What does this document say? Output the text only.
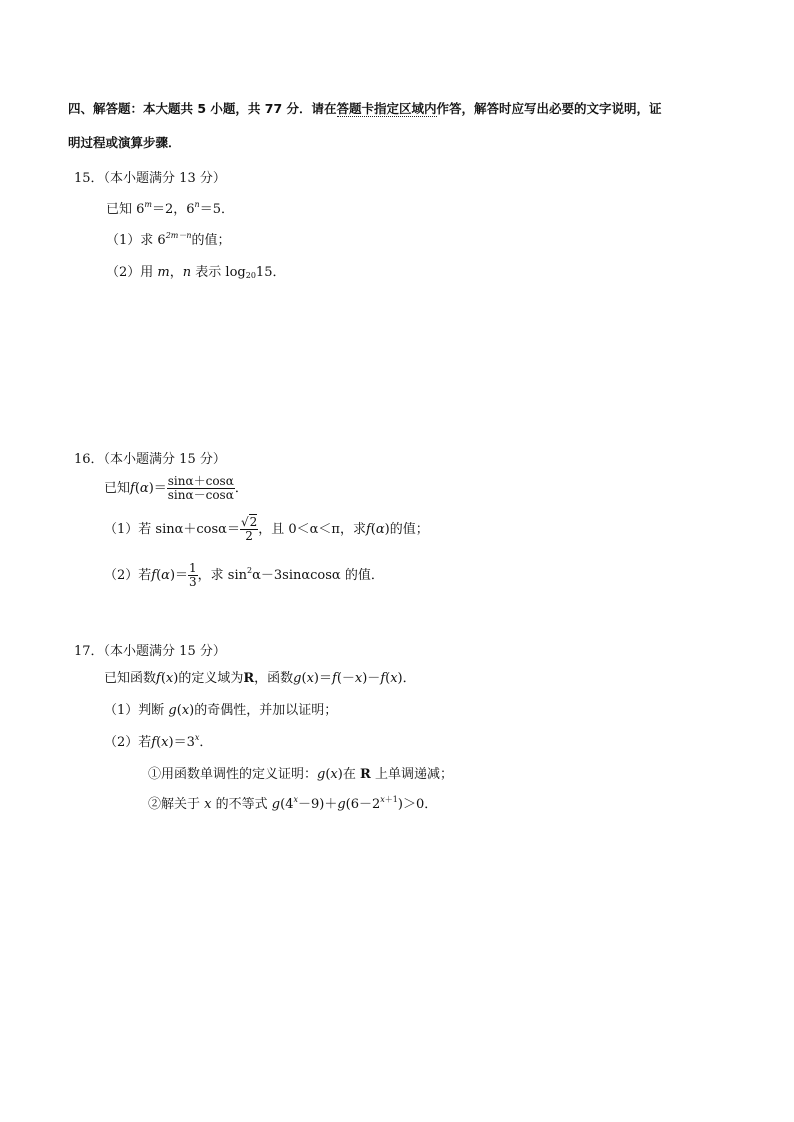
四、解答题：本大题共 5 小题，共 77 分．请在答题卡指定区域内作答，解答时应写出必要的文字说明，证
明过程或演算步骤．
15．（本小题满分 13 分）
已知 $6^m=2$，$6^n=5$．
（1）求 $6^{2m-n}$的值；
（2）用 m，n 表示 $\log_{20}15$．
16．（本小题满分 15 分）
已知$f(\alpha)= \frac{\sin\alpha+\cos\alpha}{\sin\alpha-\cos\alpha}$ ．
（1）若 $\sin\alpha+\cos\alpha= \frac{√2}{2}$ ，且 0＜α＜π，求f(α)的值；
（2）若$f(\alpha)= \frac{1}{3}$ ，求 $\sin^2\alpha-3\sin\alpha\cos\alpha$ 的值．
17．（本小题满分 15 分）
已知函数f(x)的定义域为R，函数g(x)＝f(－x)－f(x)．
（1）判断 g(x)的奇偶性，并加以证明；
（2）若$f(x)=3^x$．
①用函数单调性的定义证明：g(x)在 R 上单调递减；
②解关于 x 的不等式 $g(4^x-9)+g(6-2^{x+1})>0$．
